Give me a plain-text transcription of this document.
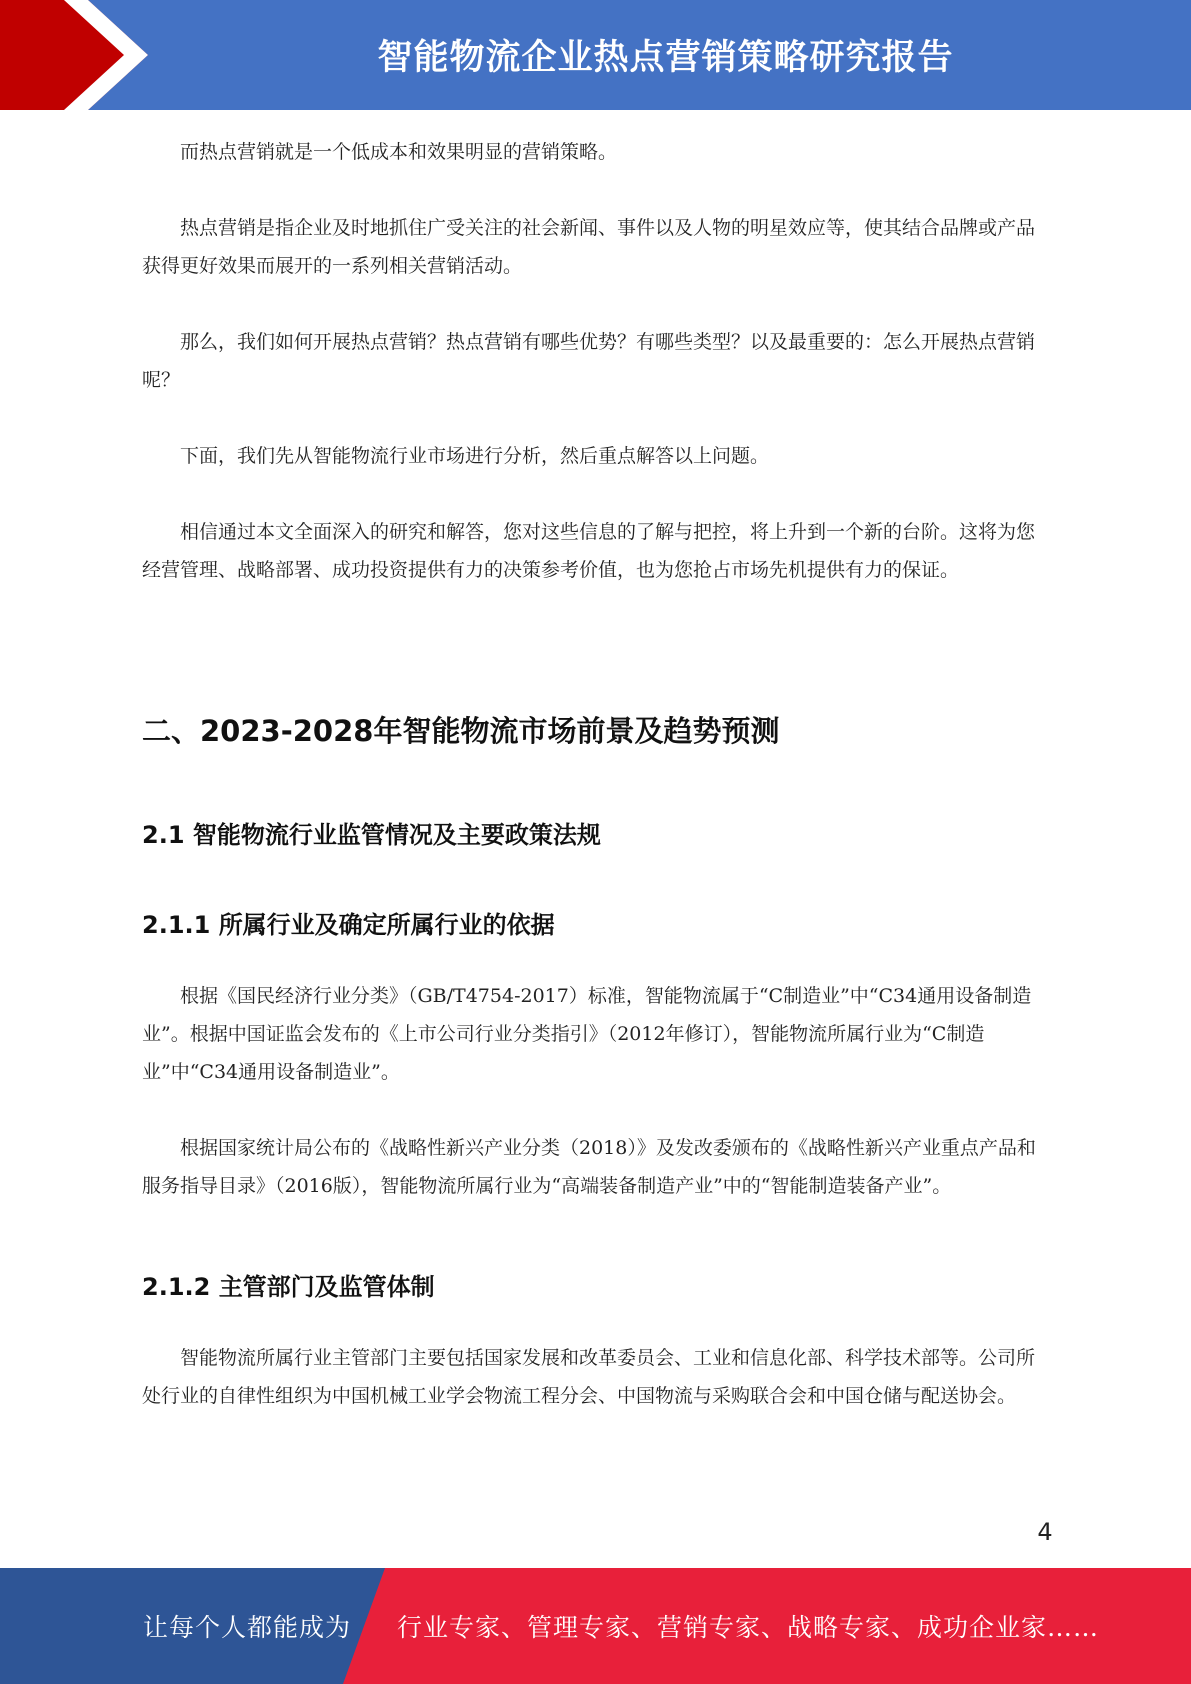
智能物流企业热点营销策略研究报告

而热点营销就是一个低成本和效果明显的营销策略。

热点营销是指企业及时地抓住广受关注的社会新闻、事件以及人物的明星效应等，使其结合品牌或产品获得更好效果而展开的一系列相关营销活动。

那么，我们如何开展热点营销？热点营销有哪些优势？有哪些类型？以及最重要的：怎么开展热点营销呢？

下面，我们先从智能物流行业市场进行分析，然后重点解答以上问题。

相信通过本文全面深入的研究和解答，您对这些信息的了解与把控，将上升到一个新的台阶。这将为您经营管理、战略部署、成功投资提供有力的决策参考价值，也为您抢占市场先机提供有力的保证。

二、2023-2028年智能物流市场前景及趋势预测
2.1 智能物流行业监管情况及主要政策法规
2.1.1 所属行业及确定所属行业的依据

根据《国民经济行业分类》（GB/T4754-2017）标准，智能物流属于“C制造业”中“C34通用设备制造业”。根据中国证监会发布的《上市公司行业分类指引》（2012年修订），智能物流所属行业为“C制造业”中“C34通用设备制造业”。

根据国家统计局公布的《战略性新兴产业分类（2018）》及发改委颁布的《战略性新兴产业重点产品和服务指导目录》（2016版），智能物流所属行业为“高端装备制造产业”中的“智能制造装备产业”。

2.1.2 主管部门及监管体制

智能物流所属行业主管部门主要包括国家发展和改革委员会、工业和信息化部、科学技术部等。公司所处行业的自律性组织为中国机械工业学会物流工程分会、中国物流与采购联合会和中国仓储与配送协会。

4
让每个人都能成为 行业专家、管理专家、营销专家、战略专家、成功企业家……
